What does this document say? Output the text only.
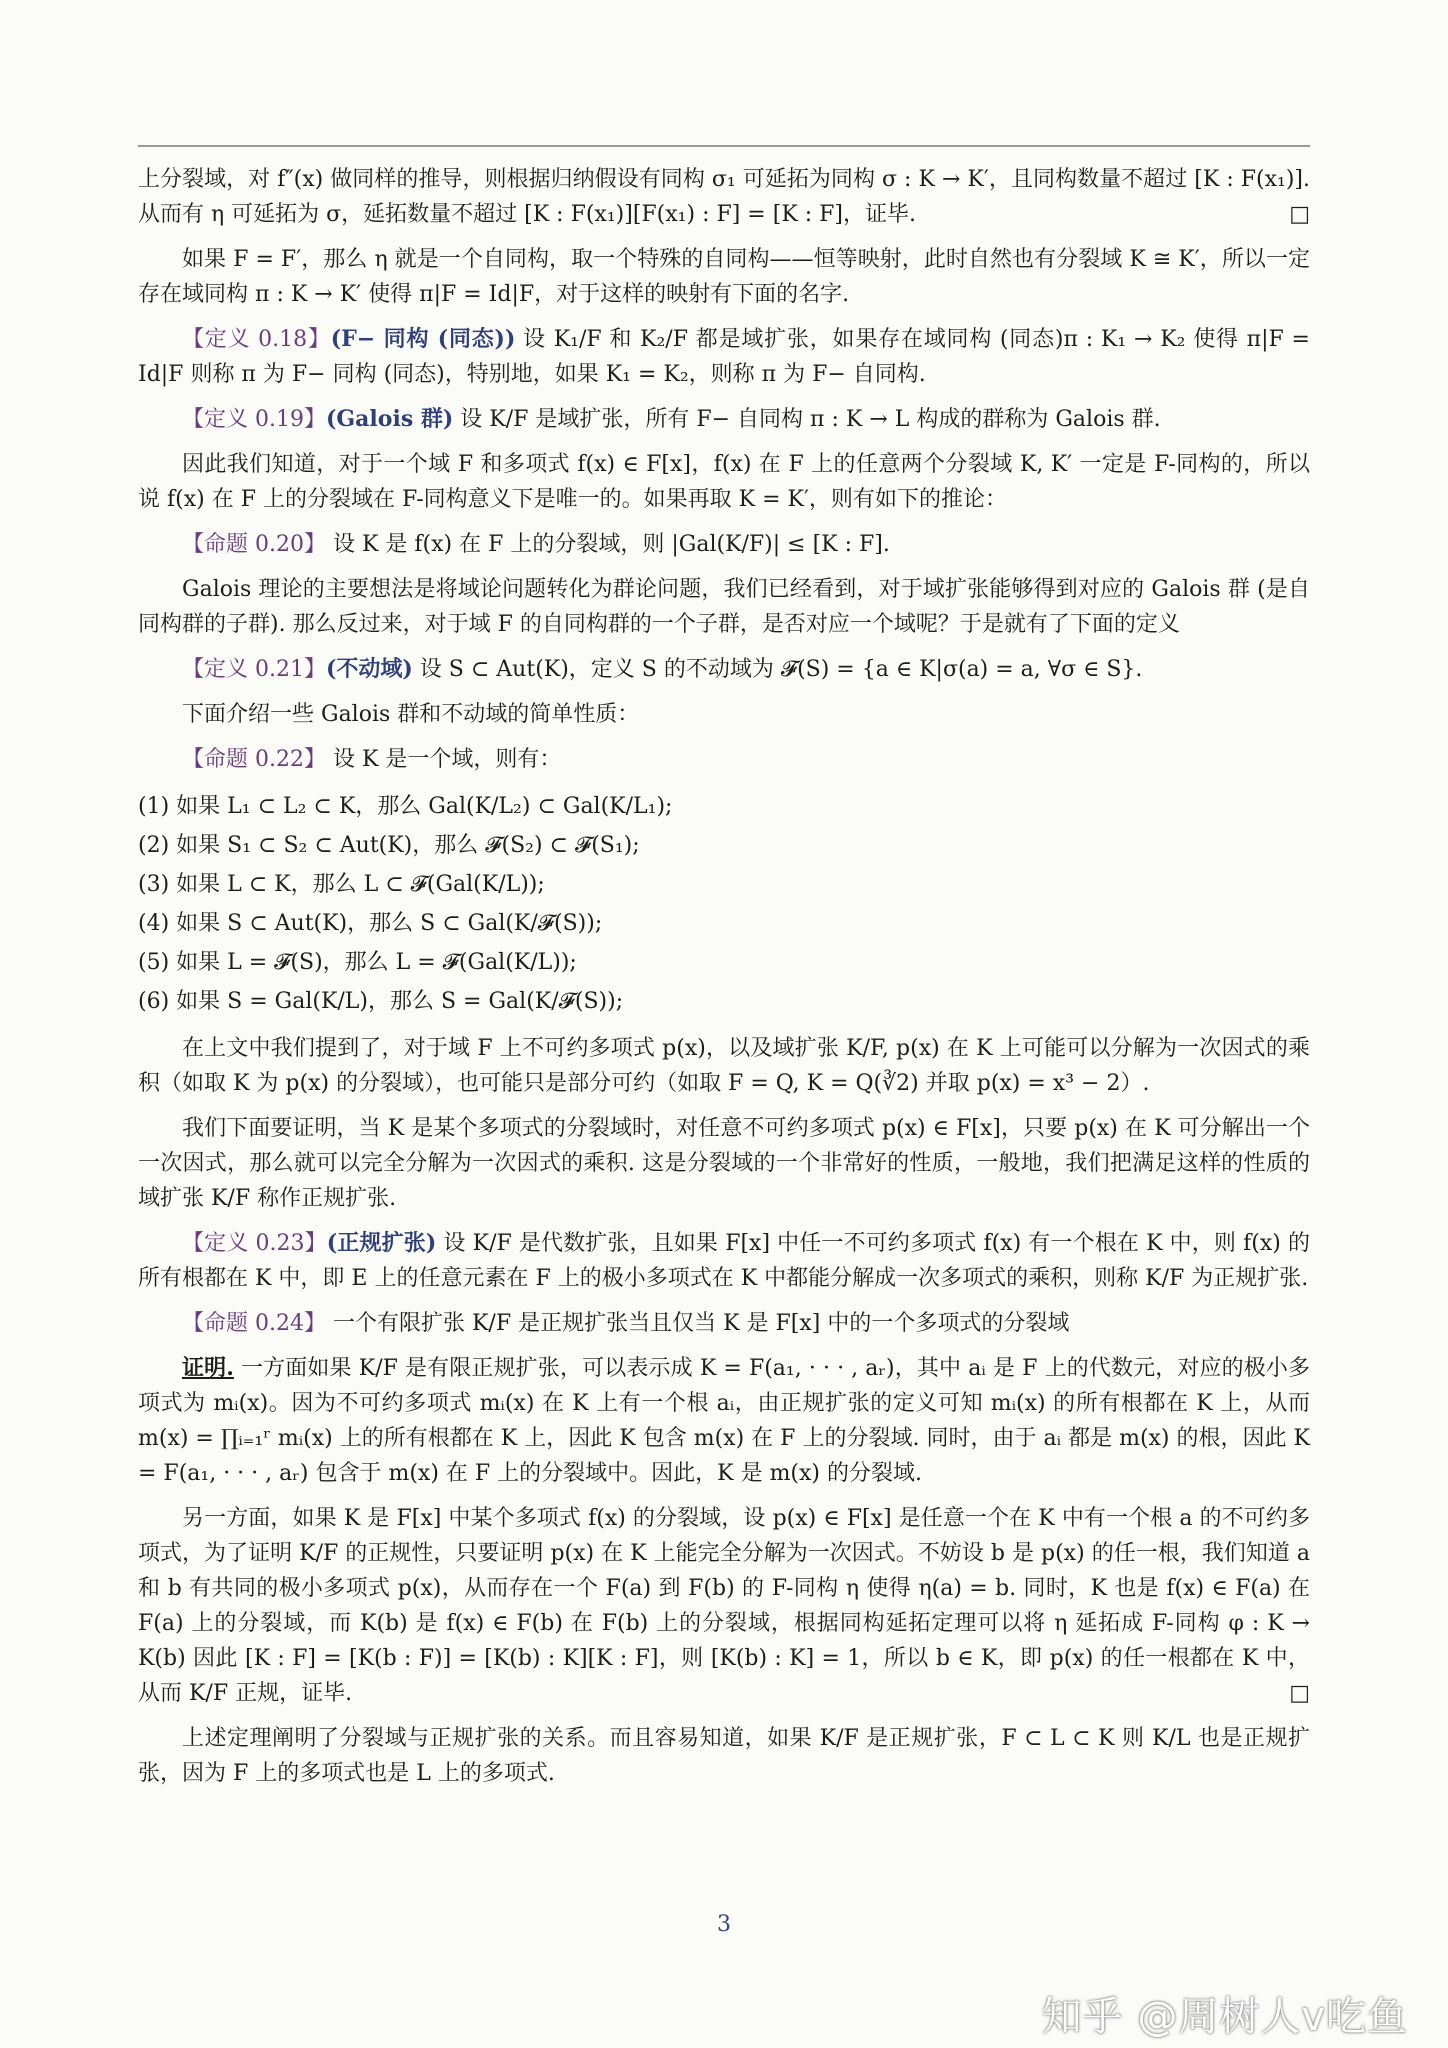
上分裂域，对 f″(x) 做同样的推导，则根据归纳假设有同构 σ₁ 可延拓为同构 σ : K → K′，且同构数量不超过 [K : F(x₁)]. 从而有 η 可延拓为 σ，延拓数量不超过 [K : F(x₁)][F(x₁) : F] = [K : F]，证毕.	□

如果 F = F′，那么 η 就是一个自同构，取一个特殊的自同构——恒等映射，此时自然也有分裂域 K ≅ K′，所以一定存在域同构 π : K → K′ 使得 π|F = Id|F，对于这样的映射有下面的名字.

【定义 0.18】(F− 同构 (同态)) 设 K₁/F 和 K₂/F 都是域扩张，如果存在域同构 (同态)π : K₁ → K₂ 使得 π|F = Id|F 则称 π 为 F− 同构 (同态)，特别地，如果 K₁ = K₂，则称 π 为 F− 自同构.

【定义 0.19】(Galois 群) 设 K/F 是域扩张，所有 F− 自同构 π : K → L 构成的群称为 Galois 群.

因此我们知道，对于一个域 F 和多项式 f(x) ∈ F[x]，f(x) 在 F 上的任意两个分裂域 K, K′ 一定是 F-同构的，所以说 f(x) 在 F 上的分裂域在 F-同构意义下是唯一的。如果再取 K = K′，则有如下的推论：

【命题 0.20】 设 K 是 f(x) 在 F 上的分裂域，则 |Gal(K/F)| ≤ [K : F].

Galois 理论的主要想法是将域论问题转化为群论问题，我们已经看到，对于域扩张能够得到对应的 Galois 群 (是自同构群的子群). 那么反过来，对于域 F 的自同构群的一个子群，是否对应一个域呢？于是就有了下面的定义

【定义 0.21】(不动域) 设 S ⊂ Aut(K)，定义 S 的不动域为 𝓕(S) = {a ∈ K|σ(a) = a, ∀σ ∈ S}.

下面介绍一些 Galois 群和不动域的简单性质：

【命题 0.22】 设 K 是一个域，则有：

(1) 如果 L₁ ⊂ L₂ ⊂ K，那么 Gal(K/L₂) ⊂ Gal(K/L₁);

(2) 如果 S₁ ⊂ S₂ ⊂ Aut(K)，那么 𝓕(S₂) ⊂ 𝓕(S₁);

(3) 如果 L ⊂ K，那么 L ⊂ 𝓕(Gal(K/L));

(4) 如果 S ⊂ Aut(K)，那么 S ⊂ Gal(K/𝓕(S));

(5) 如果 L = 𝓕(S)，那么 L = 𝓕(Gal(K/L));

(6) 如果 S = Gal(K/L)，那么 S = Gal(K/𝓕(S));

在上文中我们提到了，对于域 F 上不可约多项式 p(x)，以及域扩张 K/F, p(x) 在 K 上可能可以分解为一次因式的乘积（如取 K 为 p(x) 的分裂域），也可能只是部分可约（如取 F = Q, K = Q(∛2) 并取 p(x) = x³ − 2）.

我们下面要证明，当 K 是某个多项式的分裂域时，对任意不可约多项式 p(x) ∈ F[x]，只要 p(x) 在 K 可分解出一个一次因式，那么就可以完全分解为一次因式的乘积. 这是分裂域的一个非常好的性质，一般地，我们把满足这样的性质的域扩张 K/F 称作正规扩张.

【定义 0.23】(正规扩张) 设 K/F 是代数扩张，且如果 F[x] 中任一不可约多项式 f(x) 有一个根在 K 中，则 f(x) 的所有根都在 K 中，即 E 上的任意元素在 F 上的极小多项式在 K 中都能分解成一次多项式的乘积，则称 K/F 为正规扩张.

【命题 0.24】 一个有限扩张 K/F 是正规扩张当且仅当 K 是 F[x] 中的一个多项式的分裂域

证明. 一方面如果 K/F 是有限正规扩张，可以表示成 K = F(a₁, · · · , aᵣ)，其中 aᵢ 是 F 上的代数元，对应的极小多项式为 mᵢ(x)。因为不可约多项式 mᵢ(x) 在 K 上有一个根 aᵢ，由正规扩张的定义可知 mᵢ(x) 的所有根都在 K 上，从而 m(x) = ∏ᵢ₌₁ʳ mᵢ(x) 上的所有根都在 K 上，因此 K 包含 m(x) 在 F 上的分裂域. 同时，由于 aᵢ 都是 m(x) 的根，因此 K = F(a₁, · · · , aᵣ) 包含于 m(x) 在 F 上的分裂域中。因此，K 是 m(x) 的分裂域.

另一方面，如果 K 是 F[x] 中某个多项式 f(x) 的分裂域，设 p(x) ∈ F[x] 是任意一个在 K 中有一个根 a 的不可约多项式，为了证明 K/F 的正规性，只要证明 p(x) 在 K 上能完全分解为一次因式。不妨设 b 是 p(x) 的任一根，我们知道 a 和 b 有共同的极小多项式 p(x)，从而存在一个 F(a) 到 F(b) 的 F-同构 η 使得 η(a) = b. 同时，K 也是 f(x) ∈ F(a) 在 F(a) 上的分裂域，而 K(b) 是 f(x) ∈ F(b) 在 F(b) 上的分裂域，根据同构延拓定理可以将 η 延拓成 F-同构 φ : K → K(b) 因此 [K : F] = [K(b : F)] = [K(b) : K][K : F]，则 [K(b) : K] = 1，所以 b ∈ K，即 p(x) 的任一根都在 K 中，从而 K/F 正规，证毕.	□

上述定理阐明了分裂域与正规扩张的关系。而且容易知道，如果 K/F 是正规扩张，F ⊂ L ⊂ K 则 K/L 也是正规扩张，因为 F 上的多项式也是 L 上的多项式.

3
知乎 @周树人v吃鱼
